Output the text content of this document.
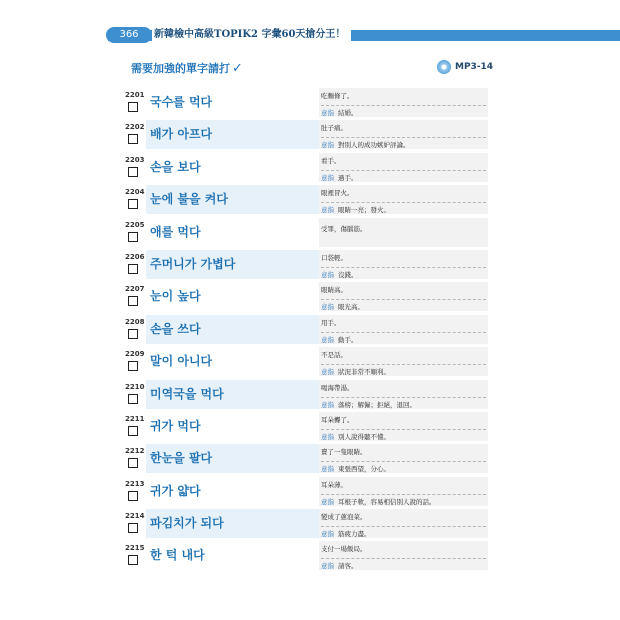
366	新韓檢中高級TOPIK2 字彙60天搶分王！
需要加強的單字請打 ✓	MP3-14
2201 국수를 먹다	吃麵條了。
意指 結婚。
2202 배가 아프다	肚子痛。
意指 對別人的成功嫉妒評論。
2203 손을 보다	看手。
意指 過手。
2204 눈에 불을 켜다	眼裡冒火。
意指 眼睛一亮；發火。
2205 애를 먹다	受罪，傷腦筋。
2206 주머니가 가볍다	口袋輕。
意指 沒錢。
2207 눈이 높다	眼睛高。
意指 眼光高。
2208 손을 쓰다	用手。
意指 動手。
2209 말이 아니다	不是話。
意指 狀況非常不順利。
2210 미역국을 먹다	喝海帶湯。
意指 落榜；解僱；拒絕，退回。
2211 귀가 먹다	耳朵聾了。
意指 別人說得聽不懂。
2212 한눈을 팔다	賣了一隻眼睛。
意指 東張西望，分心。
2213 귀가 얇다	耳朵薄。
意指 耳根子軟，容易相信別人說的話。
2214 파김치가 되다	變成了蔥泡菜。
意指 筋疲力盡。
2215 한 턱 내다	支付一場飯局。
意指 請客。
